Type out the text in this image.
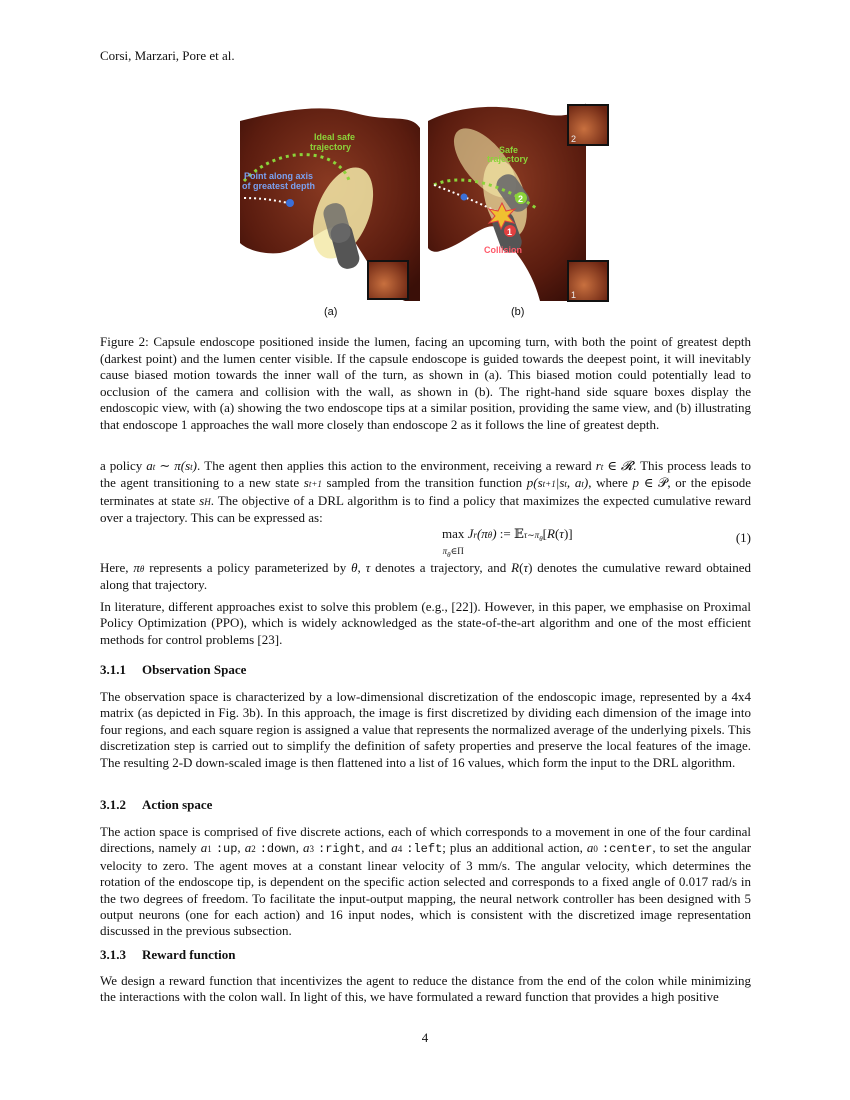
Corsi, Marzari, Pore et al.
Ideal safe
trajectory
Point along axis
of greatest depth
(a)
2
1
Safe
trajectory
Collision
2
1
(b)
Figure 2: Capsule endoscope positioned inside the lumen, facing an upcoming turn, with both the point of greatest depth (darkest point) and the lumen center visible. If the capsule endoscope is guided towards the deepest point, it will inevitably cause biased motion towards the inner wall of the turn, as shown in (a). This biased motion could potentially lead to occlusion of the camera and collision with the wall, as shown in (b). The right-hand side square boxes display the endoscopic view, with (a) showing the two endoscope tips at a similar position, providing the same view, and (b) illustrating that endoscope 1 approaches the wall more closely than endoscope 2 as it follows the line of greatest depth.

a policy at ∼ π(st). The agent then applies this action to the environment, receiving a reward rt ∈ 𝓡. This process leads to the agent transitioning to a new state st+1 sampled from the transition function p(st+1|st, at), where p ∈ 𝒫, or the episode terminates at state sH. The objective of a DRL algorithm is to find a policy that maximizes the expected cumulative reward over a trajectory. This can be expressed as:

max
$\pi_\theta\in\Pi$ Jr(πθ) := $𝔼\tau\sim\pi_\theta[R(\tau)]$	(1)

Here, πθ represents a policy parameterized by θ, τ denotes a trajectory, and R(τ) denotes the cumulative reward obtained along that trajectory.

In literature, different approaches exist to solve this problem (e.g., [22]). However, in this paper, we emphasise on Proximal Policy Optimization (PPO), which is widely acknowledged as the state-of-the-art algorithm and one of the most efficient methods for control problems [23].

3.1.1 Observation Space

The observation space is characterized by a low-dimensional discretization of the endoscopic image, represented by a 4x4 matrix (as depicted in Fig. 3b). In this approach, the image is first discretized by dividing each dimension of the image into four regions, and each square region is assigned a value that represents the normalized average of the underlying pixels. This discretization step is carried out to simplify the definition of safety properties and preserve the local features of the image. The resulting 2-D down-scaled image is then flattened into a list of 16 values, which form the input to the DRL algorithm.

3.1.2 Action space

The action space is comprised of five discrete actions, each of which corresponds to a movement in one of the four cardinal directions, namely a1 :up, a2 :down, a3 :right, and a4 :left; plus an additional action, a0 :center, to set the angular velocity to zero. The agent moves at a constant linear velocity of 3 mm/s. The angular velocity, which determines the rotation of the endoscope tip, is dependent on the specific action selected and corresponds to a fixed angle of 0.017 rad/s in the two degrees of freedom. To facilitate the input-output mapping, the neural network controller has been designed with 5 output neurons (one for each action) and 16 input nodes, which is consistent with the discretized image representation discussed in the previous subsection.

3.1.3 Reward function

We design a reward function that incentivizes the agent to reduce the distance from the end of the colon while minimizing the interactions with the colon wall. In light of this, we have formulated a reward function that provides a high positive

4
